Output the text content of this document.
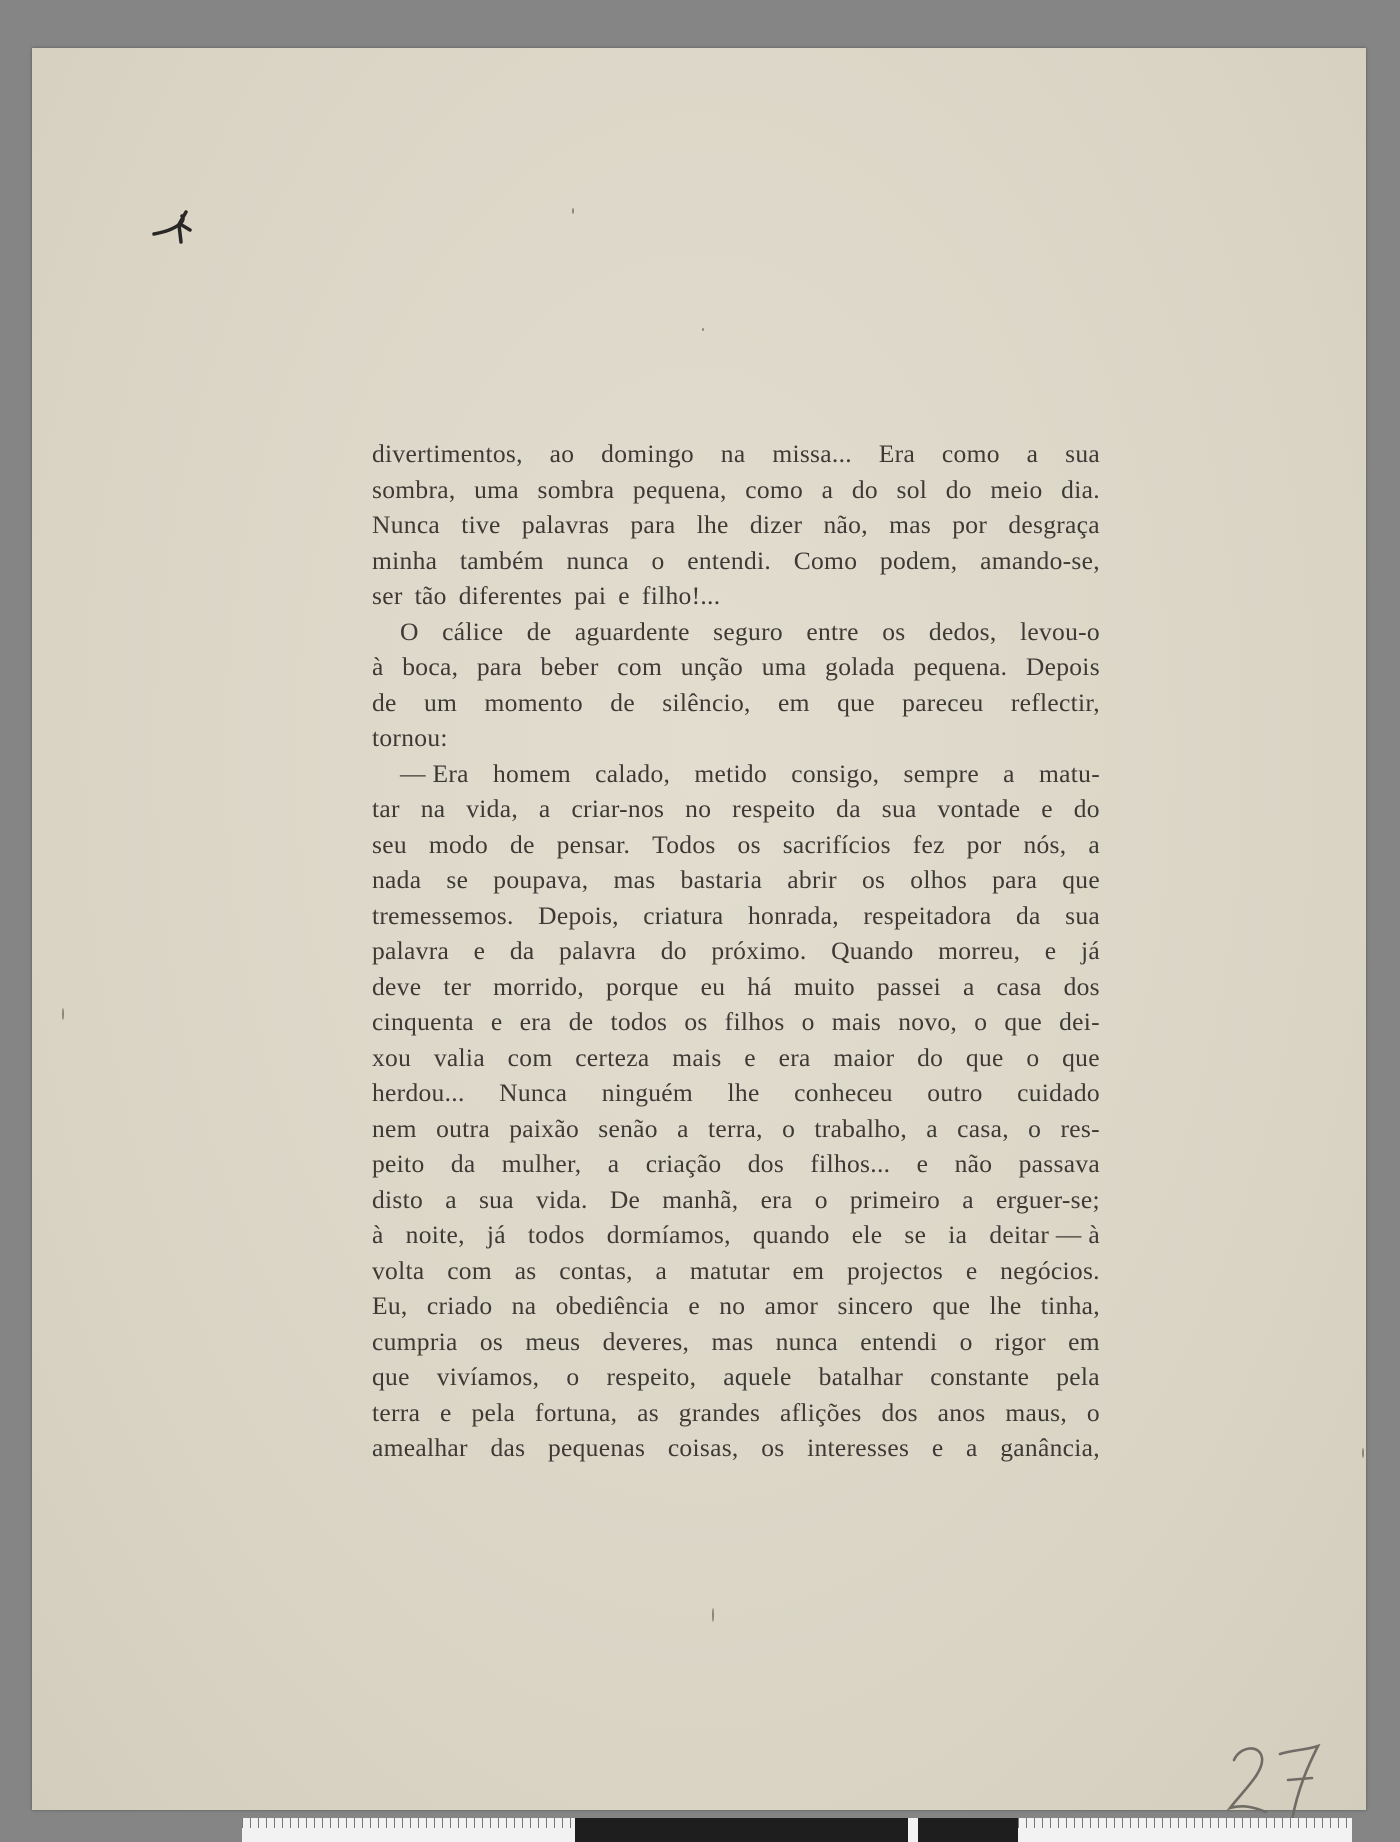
divertimentos, ao domingo na missa... Era como a sua
sombra, uma sombra pequena, como a do sol do meio dia.
Nunca tive palavras para lhe dizer não, mas por desgraça
minha também nunca o entendi. Como podem, amando-se,
ser tão diferentes pai e filho!...
O cálice de aguardente seguro entre os dedos, levou-o
à boca, para beber com unção uma golada pequena. Depois
de um momento de silêncio, em que pareceu reflectir,
tornou:
— Era homem calado, metido consigo, sempre a matu-
tar na vida, a criar-nos no respeito da sua vontade e do
seu modo de pensar. Todos os sacrifícios fez por nós, a
nada se poupava, mas bastaria abrir os olhos para que
tremessemos. Depois, criatura honrada, respeitadora da sua
palavra e da palavra do próximo. Quando morreu, e já
deve ter morrido, porque eu há muito passei a casa dos
cinquenta e era de todos os filhos o mais novo, o que dei-
xou valia com certeza mais e era maior do que o que
herdou... Nunca ninguém lhe conheceu outro cuidado
nem outra paixão senão a terra, o trabalho, a casa, o res-
peito da mulher, a criação dos filhos... e não passava
disto a sua vida. De manhã, era o primeiro a erguer-se;
à noite, já todos dormíamos, quando ele se ia deitar — à
volta com as contas, a matutar em projectos e negócios.
Eu, criado na obediência e no amor sincero que lhe tinha,
cumpria os meus deveres, mas nunca entendi o rigor em
que vivíamos, o respeito, aquele batalhar constante pela
terra e pela fortuna, as grandes aflições dos anos maus, o
amealhar das pequenas coisas, os interesses e a ganância,
